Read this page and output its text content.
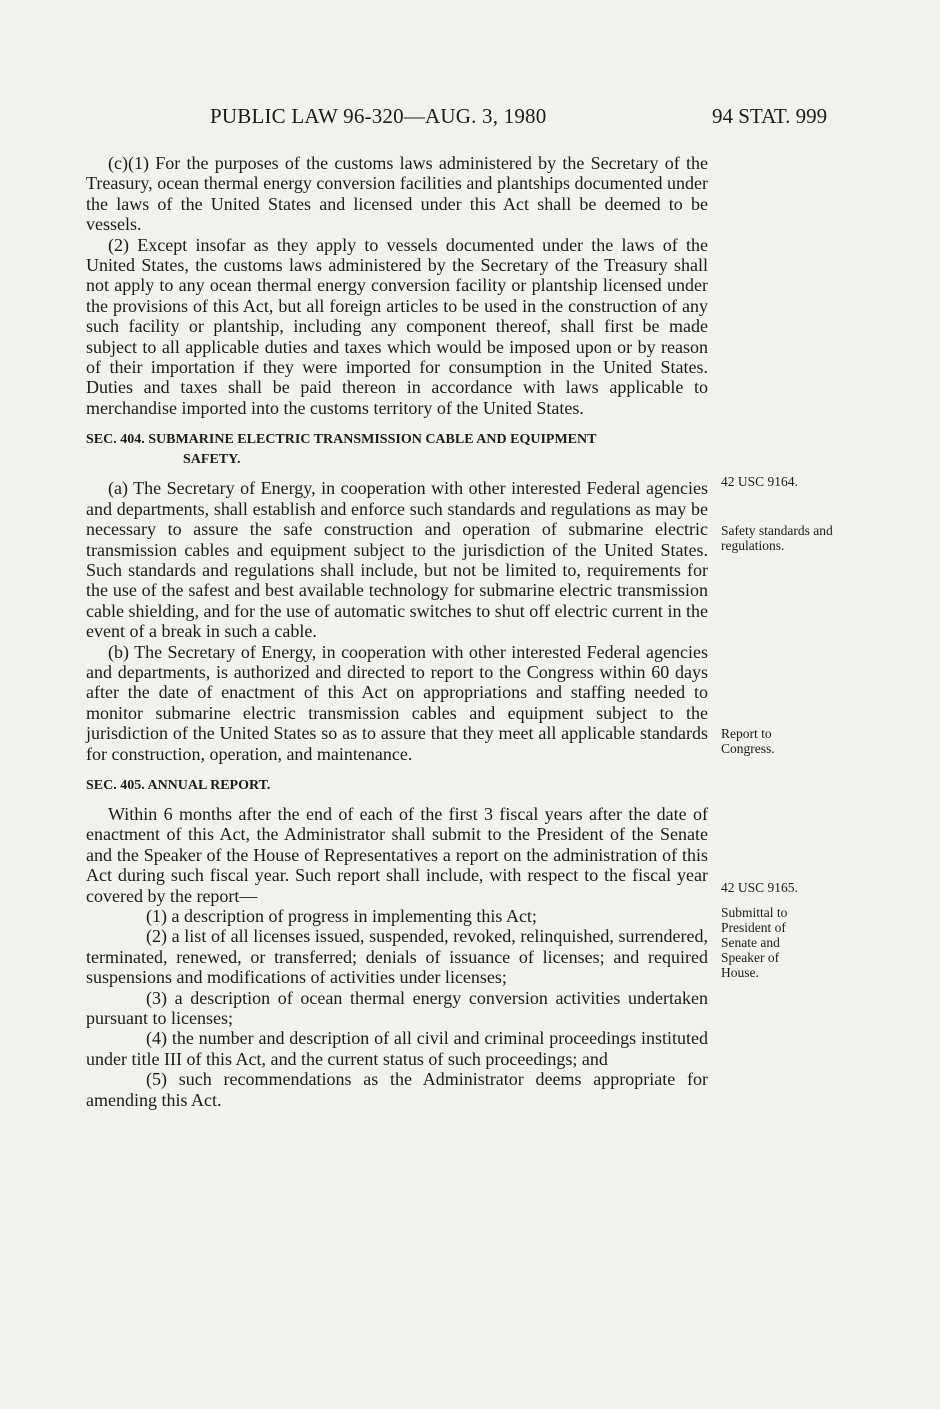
PUBLIC LAW 96-320—AUG. 3, 1980	94 STAT. 999

(c)(1) For the purposes of the customs laws administered by the Secretary of the Treasury, ocean thermal energy conversion facilities and plantships documented under the laws of the United States and licensed under this Act shall be deemed to be vessels.

(2) Except insofar as they apply to vessels documented under the laws of the United States, the customs laws administered by the Secretary of the Treasury shall not apply to any ocean thermal energy conversion facility or plantship licensed under the provisions of this Act, but all foreign articles to be used in the construction of any such facility or plantship, including any component thereof, shall first be made subject to all applicable duties and taxes which would be imposed upon or by reason of their importation if they were imported for consumption in the United States. Duties and taxes shall be paid thereon in accordance with laws applicable to merchandise imported into the customs territory of the United States.

SEC. 404. SUBMARINE ELECTRIC TRANSMISSION CABLE AND EQUIPMENT
SAFETY.

(a) The Secretary of Energy, in cooperation with other interested Federal agencies and departments, shall establish and enforce such standards and regulations as may be necessary to assure the safe construction and operation of submarine electric transmission cables and equipment subject to the jurisdiction of the United States. Such standards and regulations shall include, but not be limited to, requirements for the use of the safest and best available technology for submarine electric transmission cable shielding, and for the use of automatic switches to shut off electric current in the event of a break in such a cable.

(b) The Secretary of Energy, in cooperation with other interested Federal agencies and departments, is authorized and directed to report to the Congress within 60 days after the date of enactment of this Act on appropriations and staffing needed to monitor submarine electric transmission cables and equipment subject to the jurisdiction of the United States so as to assure that they meet all applicable standards for construction, operation, and maintenance.

SEC. 405. ANNUAL REPORT.

Within 6 months after the end of each of the first 3 fiscal years after the date of enactment of this Act, the Administrator shall submit to the President of the Senate and the Speaker of the House of Representatives a report on the administration of this Act during such fiscal year. Such report shall include, with respect to the fiscal year covered by the report—

(1) a description of progress in implementing this Act;

(2) a list of all licenses issued, suspended, revoked, relinquished, surrendered, terminated, renewed, or transferred; denials of issuance of licenses; and required suspensions and modifications of activities under licenses;

(3) a description of ocean thermal energy conversion activities undertaken pursuant to licenses;

(4) the number and description of all civil and criminal proceedings instituted under title III of this Act, and the current status of such proceedings; and

(5) such recommendations as the Administrator deems appropriate for amending this Act.

42 USC 9164.
Safety standards and regulations.
Report to Congress.
42 USC 9165.
Submittal to President of Senate and Speaker of House.
